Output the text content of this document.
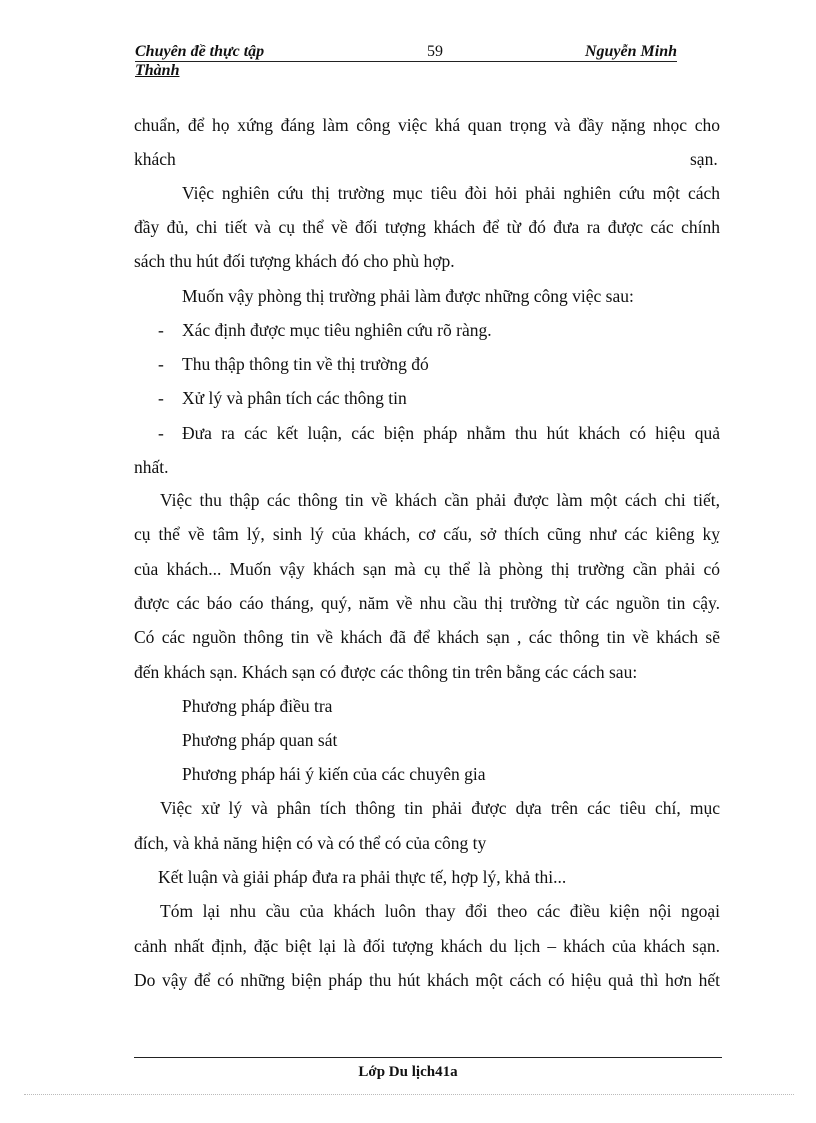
Chuyên đề thực tập	59	Nguyễn Minh
Thành
chuẩn, để họ xứng đáng làm công việc khá quan trọng và đầy nặng nhọc cho
khách	sạn.
Việc nghiên cứu thị trường mục tiêu đòi hỏi phải nghiên cứu một cách
đầy đủ, chi tiết và cụ thể về đối tượng khách để từ đó đưa ra được các chính
sách thu hút đối tượng khách đó cho phù hợp.
Muốn vậy phòng thị trường phải làm được những công việc sau:
- Xác định được mục tiêu nghiên cứu rõ ràng.
- Thu thập thông tin về thị trường đó
- Xử lý và phân tích các thông tin
- Đưa ra các kết luận, các biện pháp nhằm thu hút khách có hiệu quả
nhất.
Việc thu thập các thông tin về khách cần phải được làm một cách chi tiết,
cụ thể về tâm lý, sinh lý của khách, cơ cấu, sở thích cũng như các kiêng kỵ
của khách... Muốn vậy khách sạn mà cụ thể là phòng thị trường cần phải có
được các báo cáo tháng, quý, năm về nhu cầu thị trường từ các nguồn tin cậy.
Có các nguồn thông tin về khách đã để khách sạn , các thông tin về khách sẽ
đến khách sạn. Khách sạn có được các thông tin trên bằng các cách sau:
Phương pháp điều tra
Phương pháp quan sát
Phương pháp hái ý kiến của các chuyên gia
Việc xử lý và phân tích thông tin phải được dựa trên các tiêu chí, mục
đích, và khả năng hiện có và có thể có của công ty
Kết luận và giải pháp đưa ra phải thực tế, hợp lý, khả thi...
Tóm lại nhu cầu của khách luôn thay đổi theo các điều kiện nội ngoại
cảnh nhất định, đặc biệt lại là đối tượng khách du lịch – khách của khách sạn.
Do vậy để có những biện pháp thu hút khách một cách có hiệu quả thì hơn hết
Lớp Du lịch41a
